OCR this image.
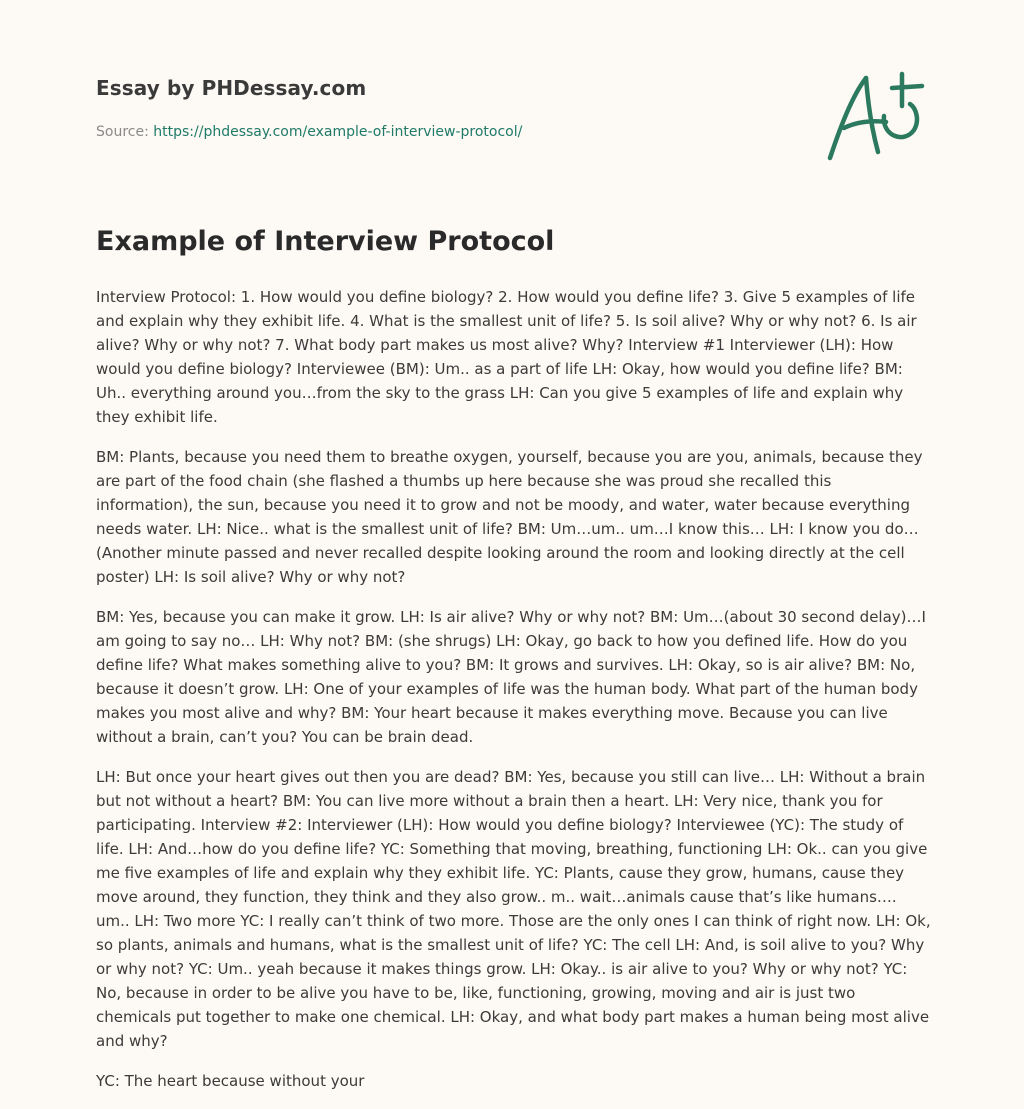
Essay by PHDessay.com
Source: https://phdessay.com/example-of-interview-protocol/
Example of Interview Protocol

Interview Protocol: 1. How would you define biology? 2. How would you define life? 3. Give 5 examples of life and explain why they exhibit life. 4. What is the smallest unit of life? 5. Is soil alive? Why or why not? 6. Is air alive? Why or why not? 7. What body part makes us most alive? Why? Interview #1 Interviewer (LH): How would you define biology? Interviewee (BM): Um.. as a part of life LH: Okay, how would you define life? BM: Uh.. everything around you…from the sky to the grass LH: Can you give 5 examples of life and explain why they exhibit life.

BM: Plants, because you need them to breathe oxygen, yourself, because you are you, animals, because they are part of the food chain (she flashed a thumbs up here because she was proud she recalled this information), the sun, because you need it to grow and not be moody, and water, water because everything needs water. LH: Nice.. what is the smallest unit of life? BM: Um…um.. um…I know this… LH: I know you do… (Another minute passed and never recalled despite looking around the room and looking directly at the cell poster) LH: Is soil alive? Why or why not?

BM: Yes, because you can make it grow. LH: Is air alive? Why or why not? BM: Um…(about 30 second delay)…I am going to say no… LH: Why not? BM: (she shrugs) LH: Okay, go back to how you defined life. How do you define life? What makes something alive to you? BM: It grows and survives. LH: Okay, so is air alive? BM: No, because it doesn’t grow. LH: One of your examples of life was the human body. What part of the human body makes you most alive and why? BM: Your heart because it makes everything move. Because you can live without a brain, can’t you? You can be brain dead.

LH: But once your heart gives out then you are dead? BM: Yes, because you still can live… LH: Without a brain but not without a heart? BM: You can live more without a brain then a heart. LH: Very nice, thank you for participating. Interview #2: Interviewer (LH): How would you define biology? Interviewee (YC): The study of life. LH: And…how do you define life? YC: Something that moving, breathing, functioning LH: Ok.. can you give me five examples of life and explain why they exhibit life. YC: Plants, cause they grow, humans, cause they move around, they function, they think and they also grow.. m.. wait…animals cause that’s like humans…. um.. LH: Two more YC: I really can’t think of two more. Those are the only ones I can think of right now. LH: Ok, so plants, animals and humans, what is the smallest unit of life? YC: The cell LH: And, is soil alive to you? Why or why not? YC: Um.. yeah because it makes things grow. LH: Okay.. is air alive to you? Why or why not? YC: No, because in order to be alive you have to be, like, functioning, growing, moving and air is just two chemicals put together to make one chemical. LH: Okay, and what body part makes a human being most alive and why?

YC: The heart because without your
